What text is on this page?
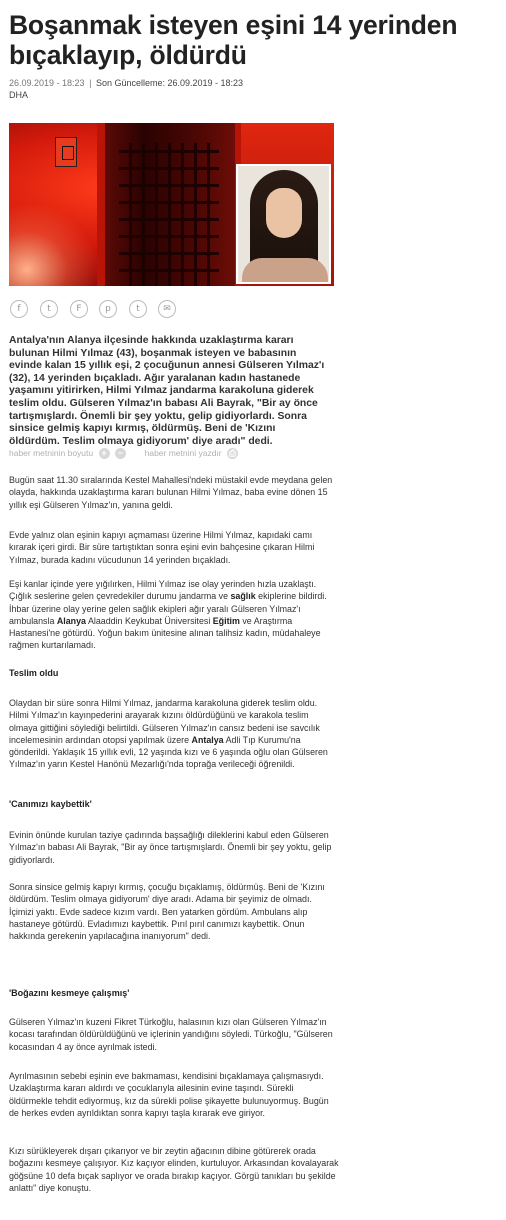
Boşanmak isteyen eşini 14 yerinden bıçaklayıp, öldürdü
26.09.2019 - 18:23 | Son Güncelleme: 26.09.2019 - 18:23
DHA
f	t	F	p	t	✉

Antalya'nın Alanya ilçesinde hakkında uzaklaştırma kararı bulunan Hilmi Yılmaz (43), boşanmak isteyen ve babasının evinde kalan 15 yıllık eşi, 2 çocuğunun annesi Gülseren Yılmaz'ı (32), 14 yerinden bıçakladı. Ağır yaralanan kadın hastanede yaşamını yitirirken, Hilmi Yılmaz jandarma karakoluna giderek teslim oldu. Gülseren Yılmaz'ın babası Ali Bayrak, "Bir ay önce tartışmışlardı. Önemli bir şey yoktu, gelip gidiyorlardı. Sonra sinsice gelmiş kapıyı kırmış, öldürmüş. Beni de 'Kızını öldürdüm. Teslim olmaya gidiyorum' diye aradı" dedi.

haber metninin boyutu + −	haber metnini yazdır ⎙

Bugün saat 11.30 sıralarında Kestel Mahallesi'ndeki müstakil evde meydana gelen olayda, hakkında uzaklaştırma kararı bulunan Hilmi Yılmaz, baba evine dönen 15 yıllık eşi Gülseren Yılmaz'ın, yanına geldi.

Evde yalnız olan eşinin kapıyı açmaması üzerine Hilmi Yılmaz, kapıdaki camı kırarak içeri girdi. Bir süre tartıştıktan sonra eşini evin bahçesine çıkaran Hilmi Yılmaz, burada kadını vücudunun 14 yerinden bıçakladı.

Eşi kanlar içinde yere yığılırken, Hilmi Yılmaz ise olay yerinden hızla uzaklaştı. Çığlık seslerine gelen çevredekiler durumu jandarma ve sağlık ekiplerine bildirdi. İhbar üzerine olay yerine gelen sağlık ekipleri ağır yaralı Gülseren Yılmaz'ı ambulansla Alanya Alaaddin Keykubat Üniversitesi Eğitim ve Araştırma Hastanesi'ne götürdü. Yoğun bakım ünitesine alınan talihsiz kadın, müdahaleye rağmen kurtarılamadı.

Teslim oldu

Olaydan bir süre sonra Hilmi Yılmaz, jandarma karakoluna giderek teslim oldu. Hilmi Yılmaz'ın kayınpederini arayarak kızını öldürdüğünü ve karakola teslim olmaya gittiğini söylediği belirtildi. Gülseren Yılmaz'ın cansız bedeni ise savcılık incelemesinin ardından otopsi yapılmak üzere Antalya Adli Tıp Kurumu'na gönderildi. Yaklaşık 15 yıllık evli, 12 yaşında kızı ve 6 yaşında oğlu olan Gülseren Yılmaz'ın yarın Kestel Hanönü Mezarlığı'nda toprağa verileceği öğrenildi.

'Canımızı kaybettik'

Evinin önünde kurulan taziye çadırında başsağlığı dileklerini kabul eden Gülseren Yılmaz'ın babası Ali Bayrak, "Bir ay önce tartışmışlardı. Önemli bir şey yoktu, gelip gidiyorlardı.

Sonra sinsice gelmiş kapıyı kırmış, çocuğu bıçaklamış, öldürmüş. Beni de 'Kızını öldürdüm. Teslim olmaya gidiyorum' diye aradı. Adama bir şeyimiz de olmadı. İçimizi yaktı. Evde sadece kızım vardı. Ben yatarken gördüm. Ambulans alıp hastaneye götürdü. Evladımızı kaybettik. Pırıl pırıl canımızı kaybettik. Onun hakkında gerekenin yapılacağına inanıyorum" dedi.

'Boğazını kesmeye çalışmış'

Gülseren Yılmaz'ın kuzeni Fikret Türkoğlu, halasının kızı olan Gülseren Yılmaz'ın kocası tarafından öldürüldüğünü ve içlerinin yandığını söyledi. Türkoğlu, "Gülseren kocasından 4 ay önce ayrılmak istedi.

Ayrılmasının sebebi eşinin eve bakmaması, kendisini bıçaklamaya çalışmasıydı. Uzaklaştırma kararı aldırdı ve çocuklarıyla ailesinin evine taşındı. Sürekli öldürmekle tehdit ediyormuş, kız da sürekli polise şikayette bulunuyormuş. Bugün de herkes evden ayrıldıktan sonra kapıyı taşla kırarak eve giriyor.

Kızı sürükleyerek dışarı çıkarıyor ve bir zeytin ağacının dibine götürerek orada boğazını kesmeye çalışıyor. Kız kaçıyor elinden, kurtuluyor. Arkasından kovalayarak göğsüne 10 defa bıçak saplıyor ve orada bırakıp kaçıyor. Görgü tanıkları bu şekilde anlattı" diye konuştu.
